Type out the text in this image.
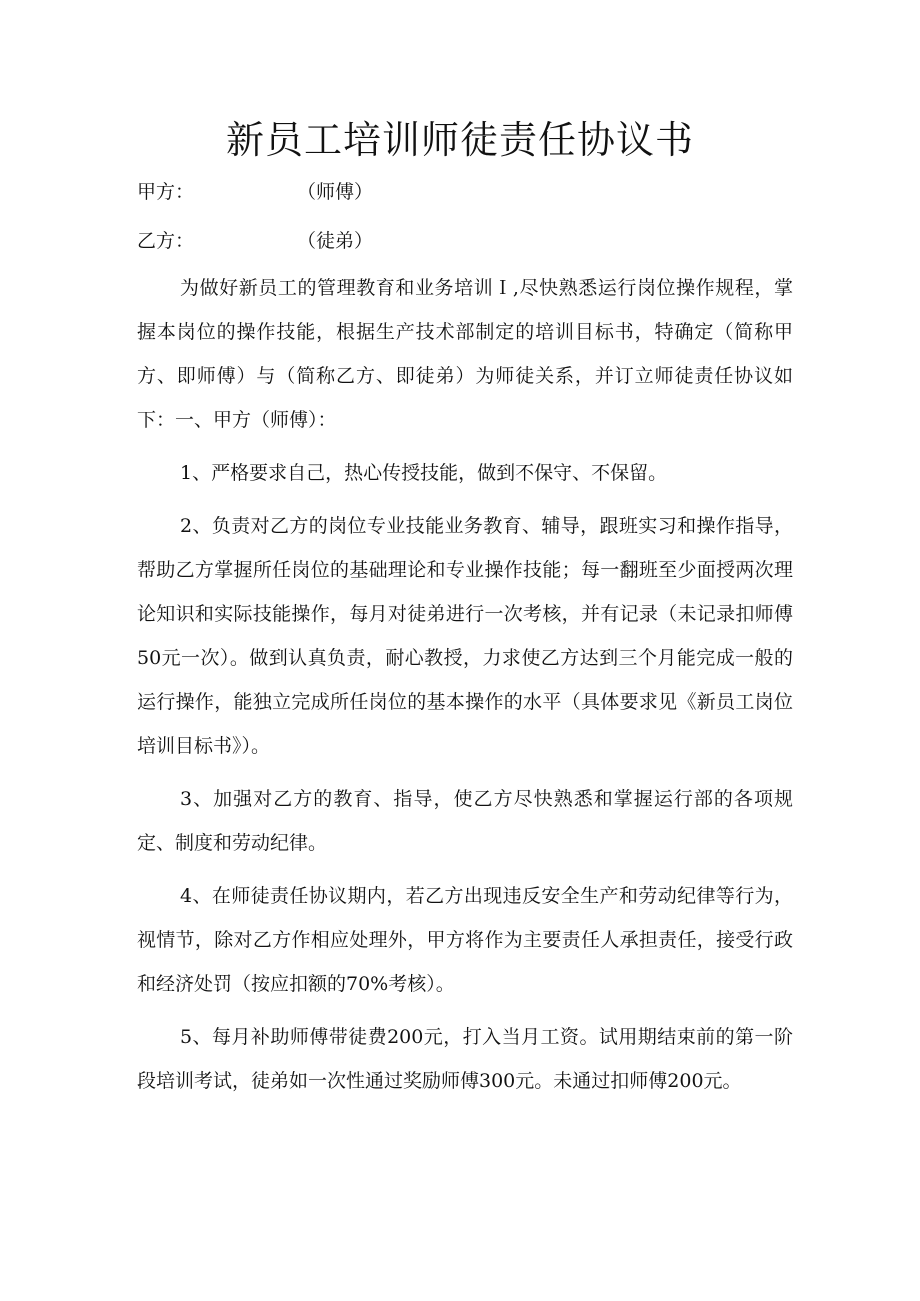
新员工培训师徒责任协议书
甲方：	（师傅）
乙方：	（徒弟）

为做好新员工的管理教育和业务培训Ｉ,尽快熟悉运行岗位操作规程，掌握本岗位的操作技能，根据生产技术部制定的培训目标书，特确定（简称甲方、即师傅）与（简称乙方、即徒弟）为师徒关系，并订立师徒责任协议如下：一、甲方（师傅）：

1、严格要求自己，热心传授技能，做到不保守、不保留。

2、负责对乙方的岗位专业技能业务教育、辅导，跟班实习和操作指导，帮助乙方掌握所任岗位的基础理论和专业操作技能；每一翻班至少面授两次理论知识和实际技能操作，每月对徒弟进行一次考核，并有记录（未记录扣师傅50元一次）。做到认真负责，耐心教授，力求使乙方达到三个月能完成一般的运行操作，能独立完成所任岗位的基本操作的水平（具体要求见《新员工岗位培训目标书》）。

3、加强对乙方的教育、指导，使乙方尽快熟悉和掌握运行部的各项规定、制度和劳动纪律。

4、在师徒责任协议期内，若乙方出现违反安全生产和劳动纪律等行为，视情节，除对乙方作相应处理外，甲方将作为主要责任人承担责任，接受行政和经济处罚（按应扣额的70%考核）。

5、每月补助师傅带徒费200元，打入当月工资。试用期结束前的第一阶段培训考试，徒弟如一次性通过奖励师傅300元。未通过扣师傅200元。
